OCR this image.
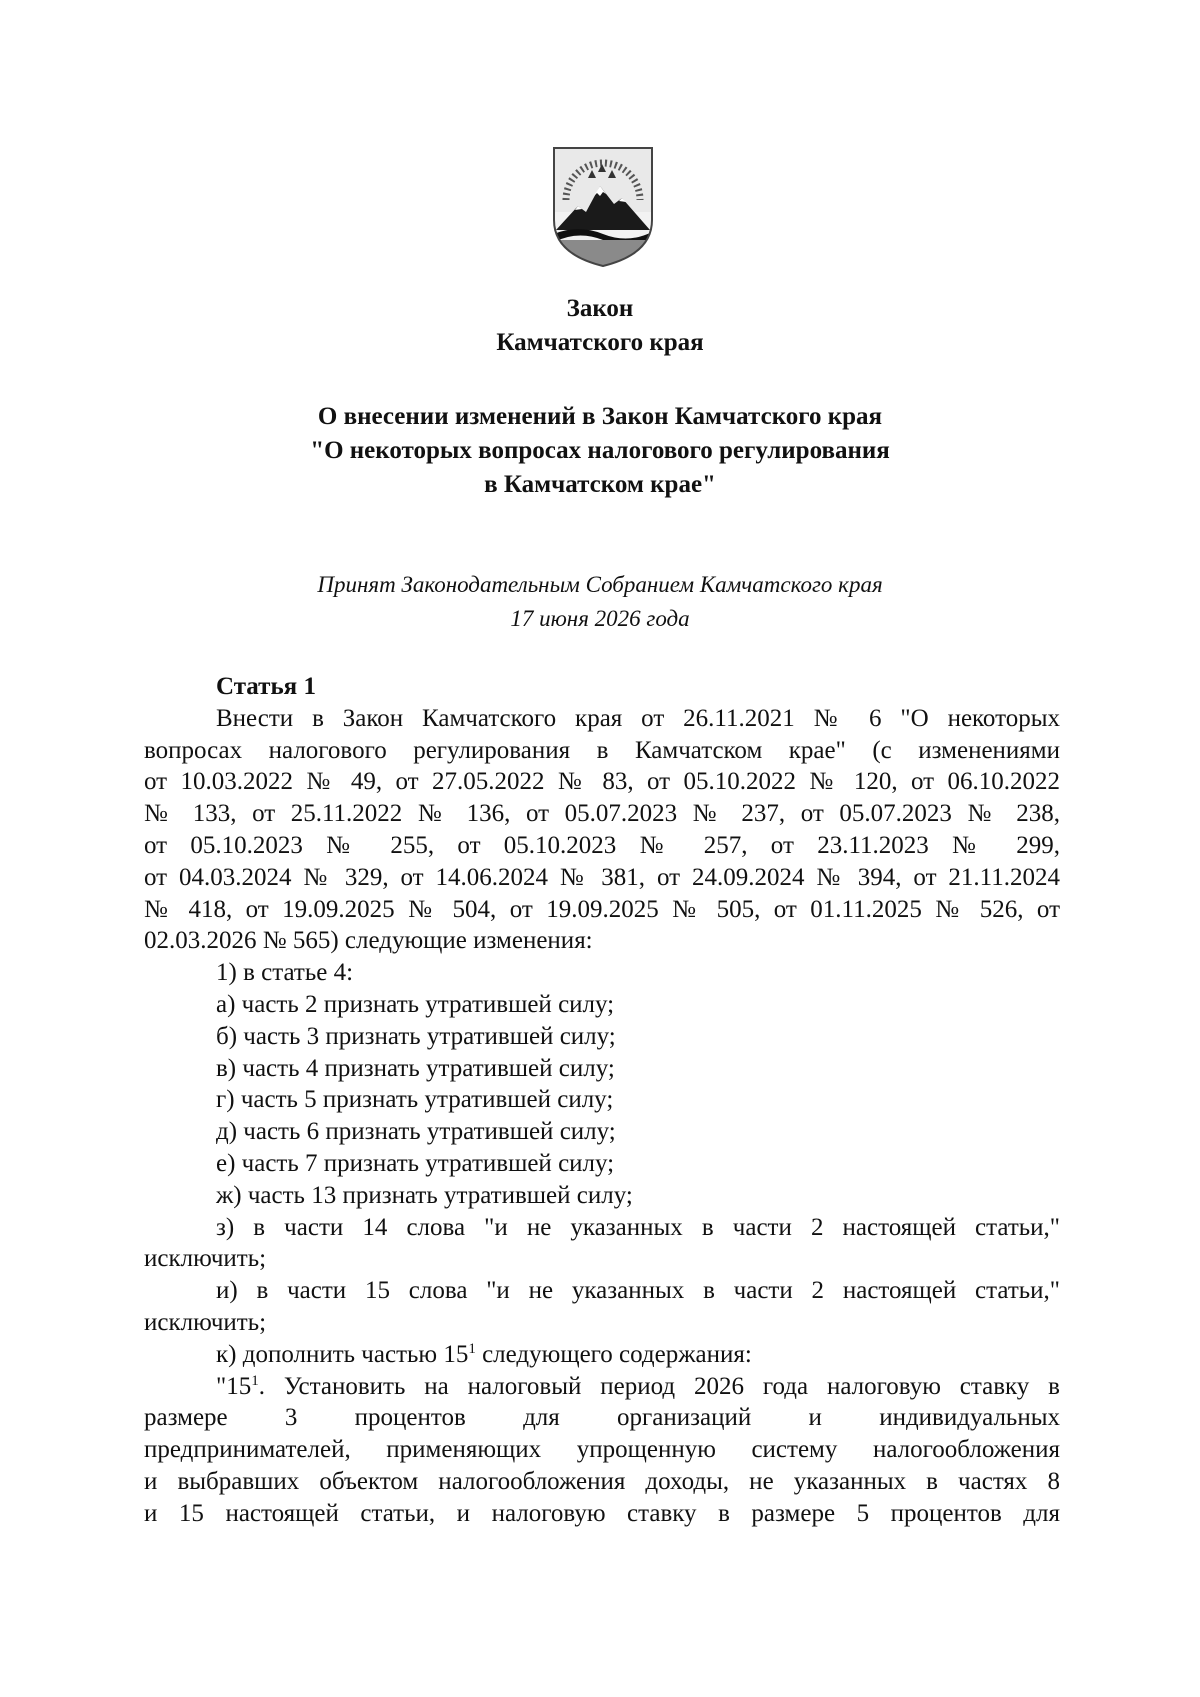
Закон
Камчатского края
О внесении изменений в Закон Камчатского края
"О некоторых вопросах налогового регулирования
в Камчатском крае"
Принят Законодательным Собранием Камчатского края
17 июня 2026 года
Статья 1
Внести в Закон Камчатского края от 26.11.2021 № 6 "О некоторых
вопросах налогового регулирования в Камчатском крае" (с изменениями
от 10.03.2022 № 49, от 27.05.2022 № 83, от 05.10.2022 № 120, от 06.10.2022
№ 133, от 25.11.2022 № 136, от 05.07.2023 № 237, от 05.07.2023 № 238,
от 05.10.2023 № 255, от 05.10.2023 № 257, от 23.11.2023 № 299,
от 04.03.2024 № 329, от 14.06.2024 № 381, от 24.09.2024 № 394, от 21.11.2024
№ 418, от 19.09.2025 № 504, от 19.09.2025 № 505, от 01.11.2025 № 526, от
02.03.2026 № 565) следующие изменения:
1) в статье 4:
а) часть 2 признать утратившей силу;
б) часть 3 признать утратившей силу;
в) часть 4 признать утратившей силу;
г) часть 5 признать утратившей силу;
д) часть 6 признать утратившей силу;
е) часть 7 признать утратившей силу;
ж) часть 13 признать утратившей силу;
з) в части 14 слова "и не указанных в части 2 настоящей статьи,"
исключить;
и) в части 15 слова "и не указанных в части 2 настоящей статьи,"
исключить;
к) дополнить частью $15^1$ следующего содержания:
"$15^1$. Установить на налоговый период 2026 года налоговую ставку в
размере 3 процентов для организаций и индивидуальных
предпринимателей, применяющих упрощенную систему налогообложения
и выбравших объектом налогообложения доходы, не указанных в частях 8
и 15 настоящей статьи, и налоговую ставку в размере 5 процентов для
